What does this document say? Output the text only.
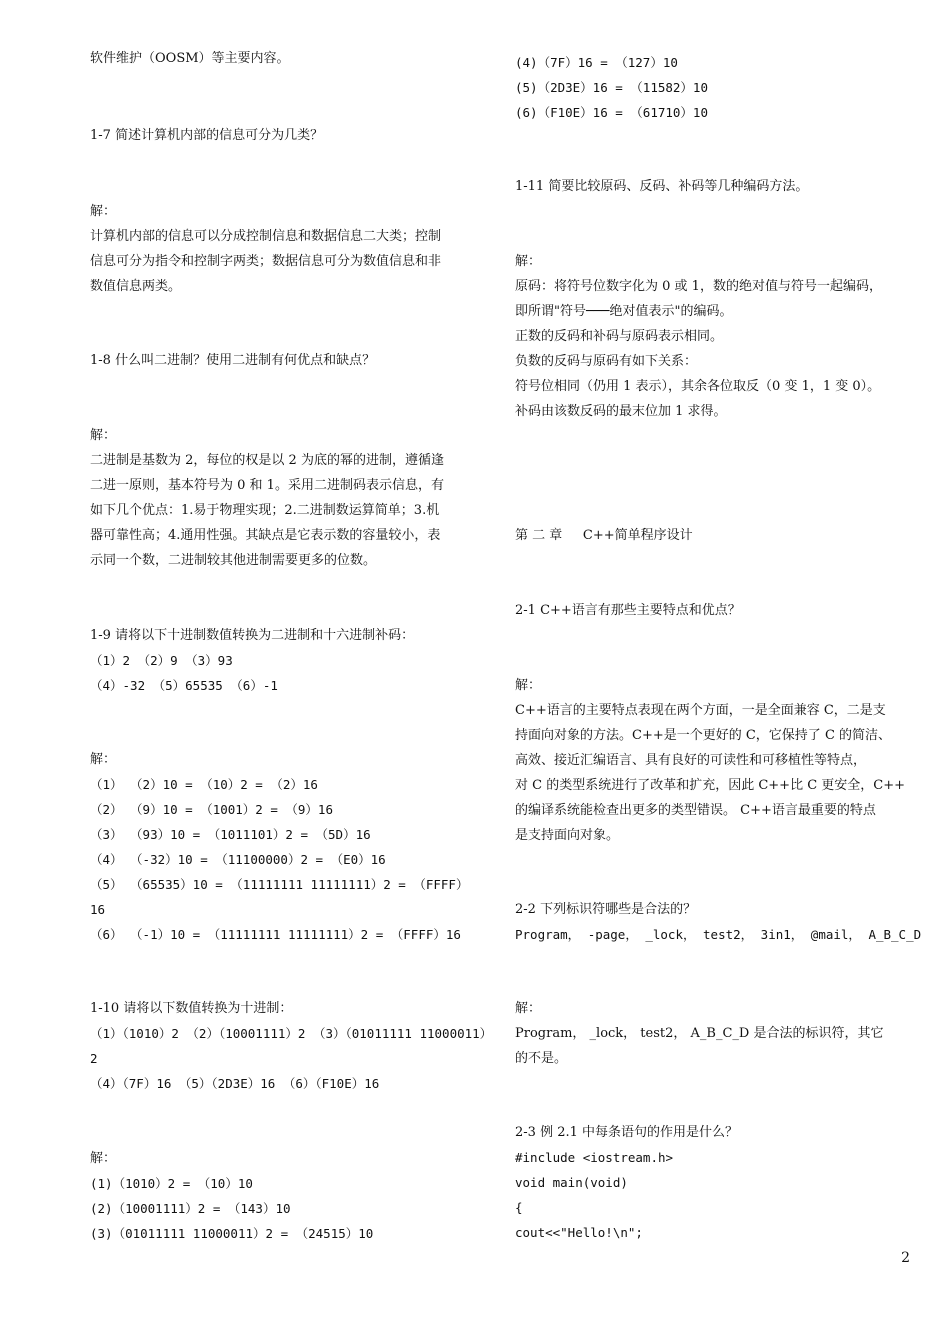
软件维护（OOSM）等主要内容。
1-7 简述计算机内部的信息可分为几类？
解：
计算机内部的信息可以分成控制信息和数据信息二大类；控制
信息可分为指令和控制字两类；数据信息可分为数值信息和非
数值信息两类。
1-8 什么叫二进制？使用二进制有何优点和缺点？
解：
二进制是基数为 2，每位的权是以 2 为底的幂的进制，遵循逢
二进一原则，基本符号为 0 和 1。采用二进制码表示信息，有
如下几个优点：1.易于物理实现；2.二进制数运算简单；3.机
器可靠性高；4.通用性强。其缺点是它表示数的容量较小，表
示同一个数，二进制较其他进制需要更多的位数。
1-9 请将以下十进制数值转换为二进制和十六进制补码：
（1）2 （2）9 （3）93
（4）-32 （5）65535 （6）-1
解：
（1） （2）10 = （10）2 = （2）16
（2） （9）10 = （1001）2 = （9）16
（3） （93）10 = （1011101）2 = （5D）16
（4） （-32）10 = （11100000）2 = （E0）16
（5） （65535）10 = （11111111 11111111）2 = （FFFF）
16
（6） （-1）10 = （11111111 11111111）2 = （FFFF）16
1-10 请将以下数值转换为十进制：
（1）（1010）2 （2）（10001111）2 （3）（01011111 11000011）
2
（4）（7F）16 （5）（2D3E）16 （6）（F10E）16
解：
(1)（1010）2 = （10）10
(2)（10001111）2 = （143）10
(3)（01011111 11000011）2 = （24515）10
(4)（7F）16 = （127）10
(5)（2D3E）16 = （11582）10
(6)（F10E）16 = （61710）10
1-11 简要比较原码、反码、补码等几种编码方法。
解：
原码：将符号位数字化为 0 或 1，数的绝对值与符号一起编码，
即所谓"符号───绝对值表示"的编码。
正数的反码和补码与原码表示相同。
负数的反码与原码有如下关系：
符号位相同（仍用 1 表示），其余各位取反（0 变 1，1 变 0）。
补码由该数反码的最末位加 1 求得。
第 二 章     C++简单程序设计
2-1 C++语言有那些主要特点和优点？
解：
C++语言的主要特点表现在两个方面，一是全面兼容 C，二是支
持面向对象的方法。C++是一个更好的 C，它保持了 C 的简洁、
高效、接近汇编语言、具有良好的可读性和可移植性等特点，
对 C 的类型系统进行了改革和扩充，因此 C++比 C 更安全，C++
的编译系统能检查出更多的类型错误。 C++语言最重要的特点
是支持面向对象。
2-2 下列标识符哪些是合法的？
Program， -page， _lock， test2， 3in1， @mail， A_B_C_D
解：
Program， _lock， test2， A_B_C_D 是合法的标识符，其它
的不是。
2-3 例 2.1 中每条语句的作用是什么？
#include <iostream.h>
void main(void)
{
cout<<"Hello!\n";
2
